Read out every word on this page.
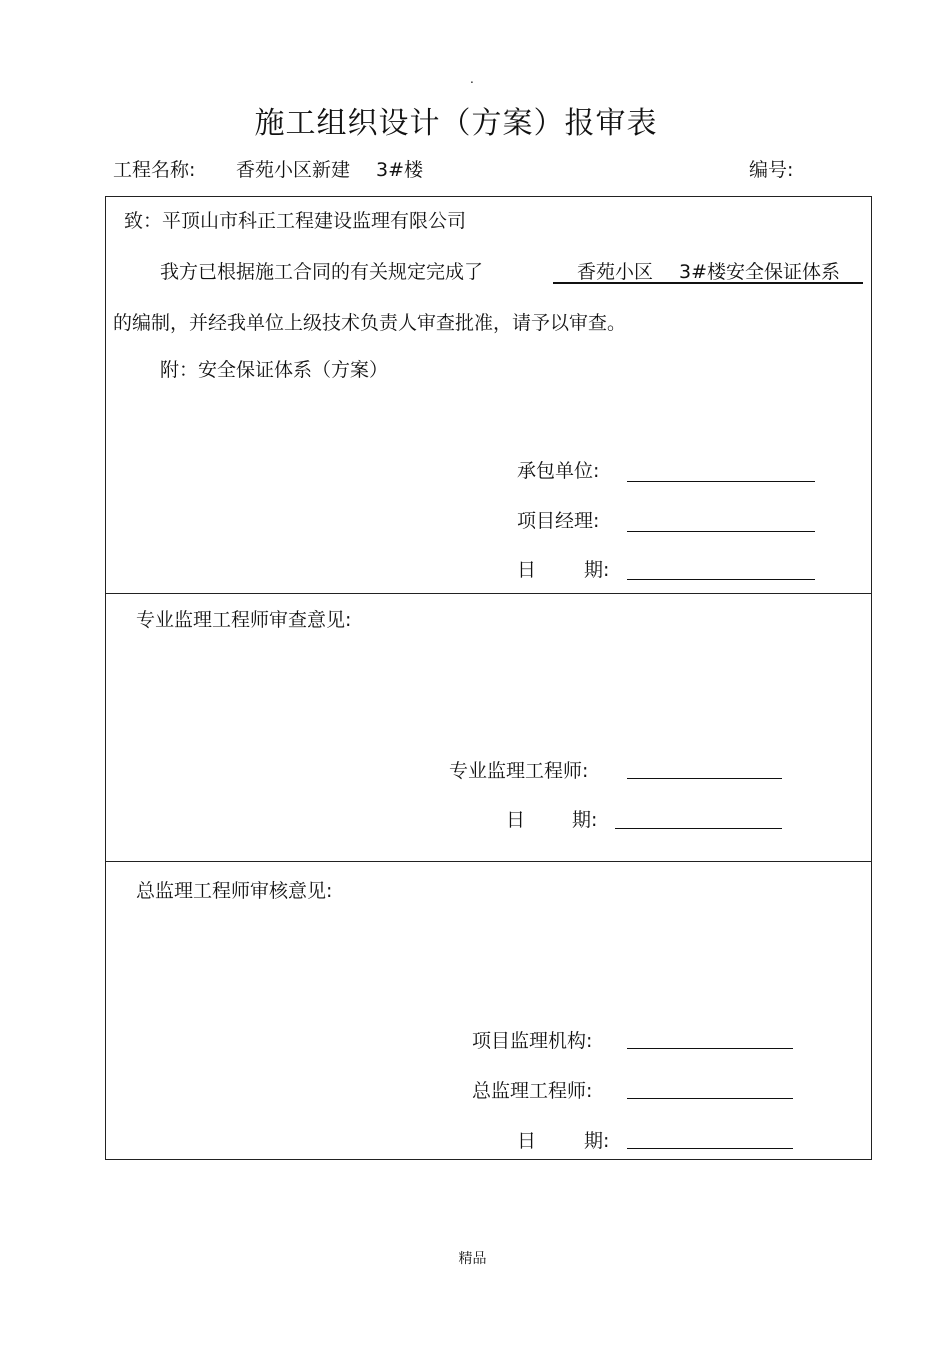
.
施工组织设计（方案）报审表
工程名称: 香苑小区新建 3#楼	编号:
致：平顶山市科正工程建设监理有限公司
我方已根据施工合同的有关规定完成了	香苑小区 3#楼安全保证体系
的编制，并经我单位上级技术负责人审查批准，请予以审查。
附：安全保证体系（方案）
承包单位:
项目经理:
日	期:
专业监理工程师审查意见:
专业监理工程师:
日 期:
总监理工程师审核意见:
项目监理机构:
总监理工程师:
日	期:
精品
